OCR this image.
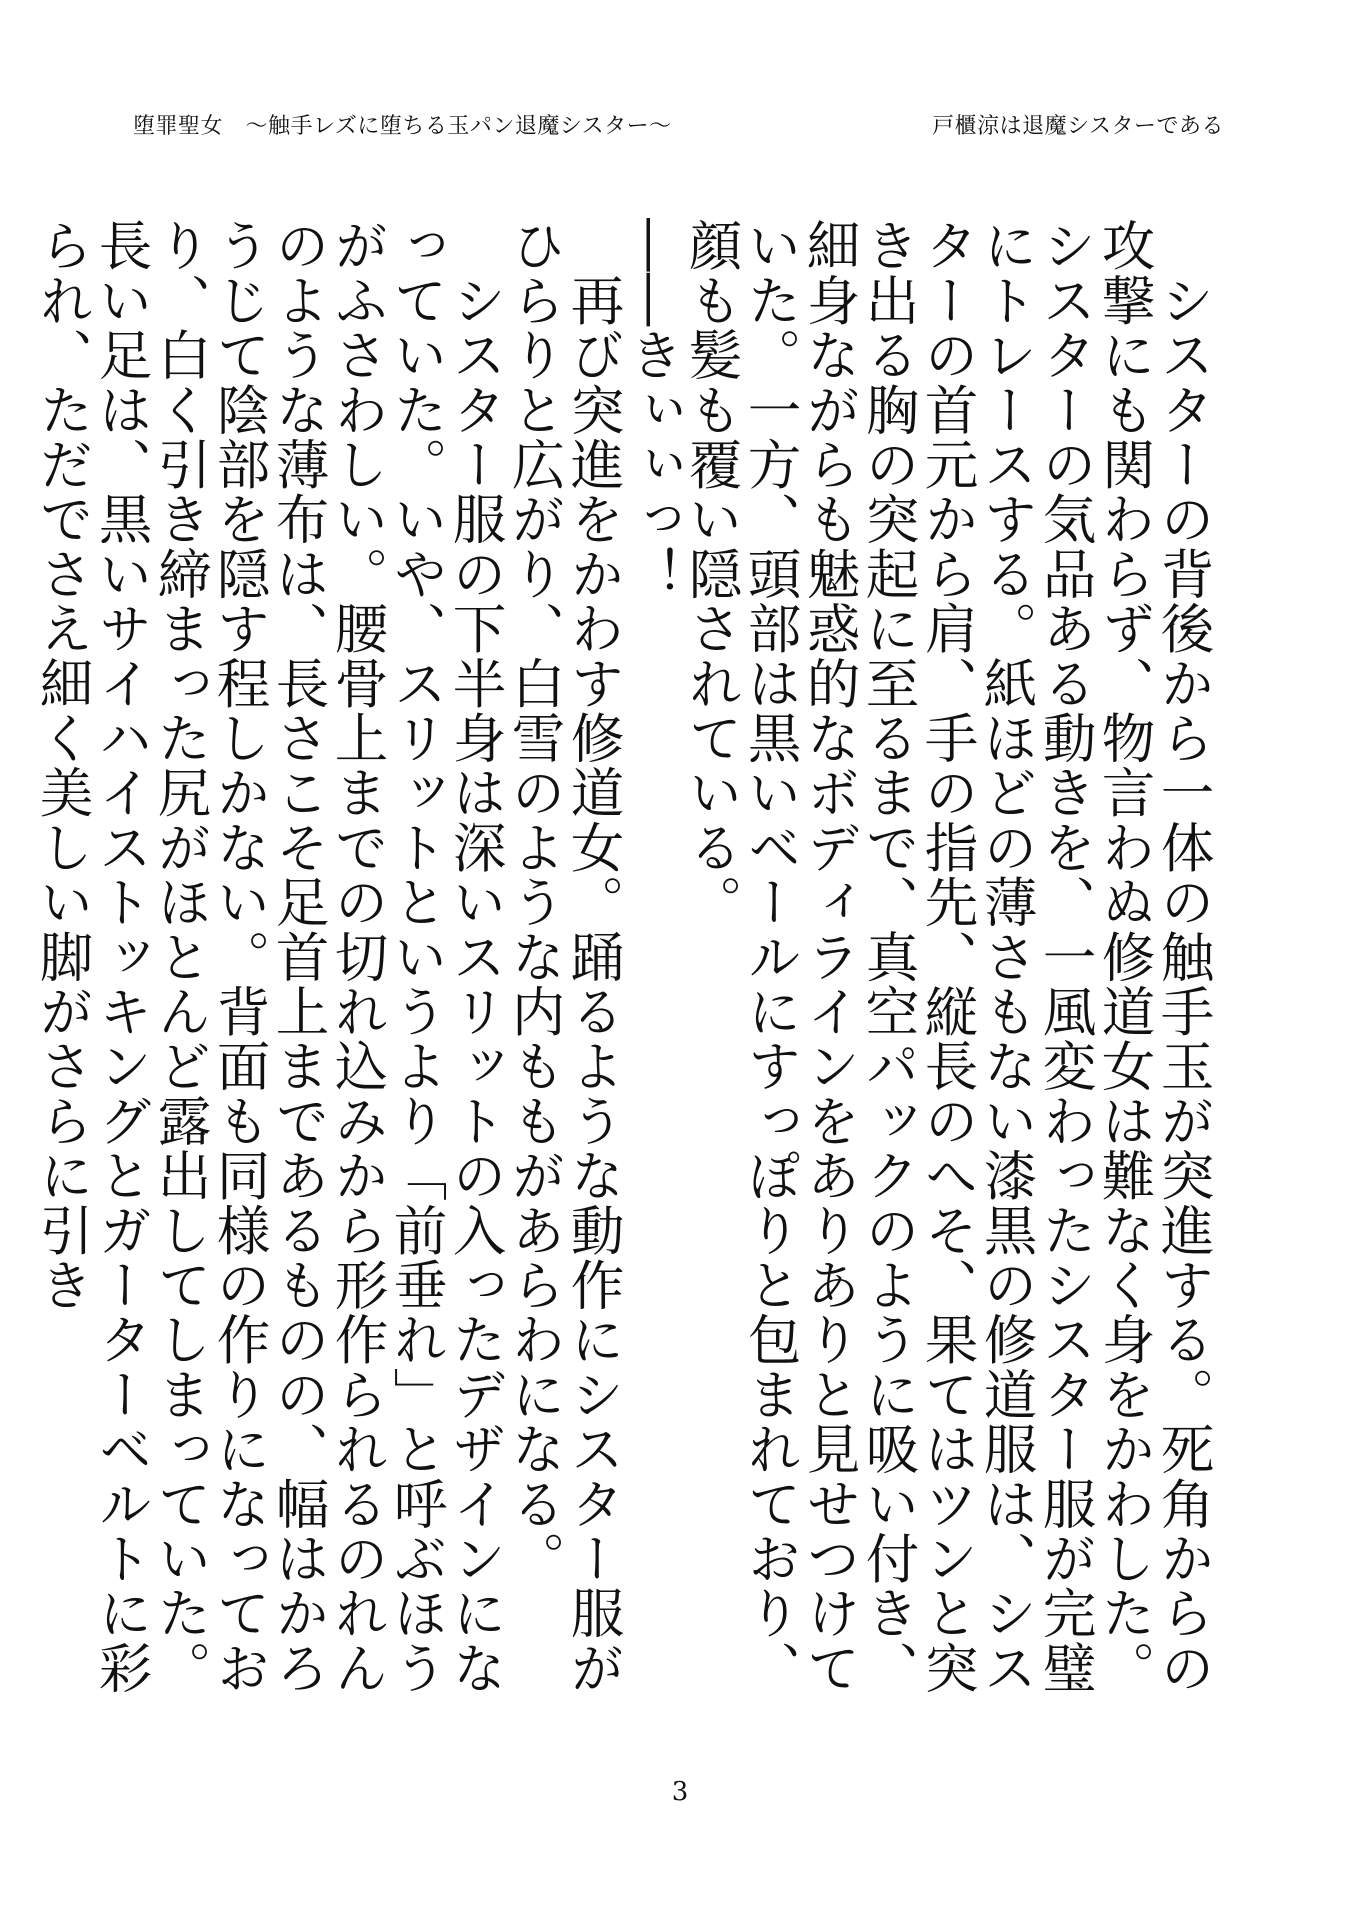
堕罪聖女　～触手レズに堕ちる玉パン退魔シスター～	戸櫃涼は退魔シスターである

　シスターの背後から一体の触手玉が突進する。死角からの攻撃にも関わらず、物言わぬ修道女は難なく身をかわした。シスターの気品ある動きを、一風変わったシスター服が完璧にトレースする。紙ほどの薄さもない漆黒の修道服は、シスターの首元から肩、手の指先、縦長のへそ、果てはツンと突き出る胸の突起に至るまで、真空パックのように吸い付き、細身ながらも魅惑的なボディラインをありありと見せつけていた。一方、頭部は黒いベールにすっぽりと包まれており、顔も髪も覆い隠されている。

――きぃぃっ！

　再び突進をかわす修道女。踊るような動作にシスター服がひらりと広がり、白雪のような内ももがあらわになる。

　シスター服の下半身は深いスリットの入ったデザインになっていた。いや、スリットというより「前垂れ」と呼ぶほうがふさわしい。腰骨上までの切れ込みから形作られるのれんのような薄布は、長さこそ足首上まであるものの、幅はかろうじて陰部を隠す程しかない。背面も同様の作りになっており、白く引き締まった尻がほとんど露出してしまっていた。長い足は、黒いサイハイストッキングとガーターベルトに彩られ、ただでさえ細く美しい脚がさらに引き

3
